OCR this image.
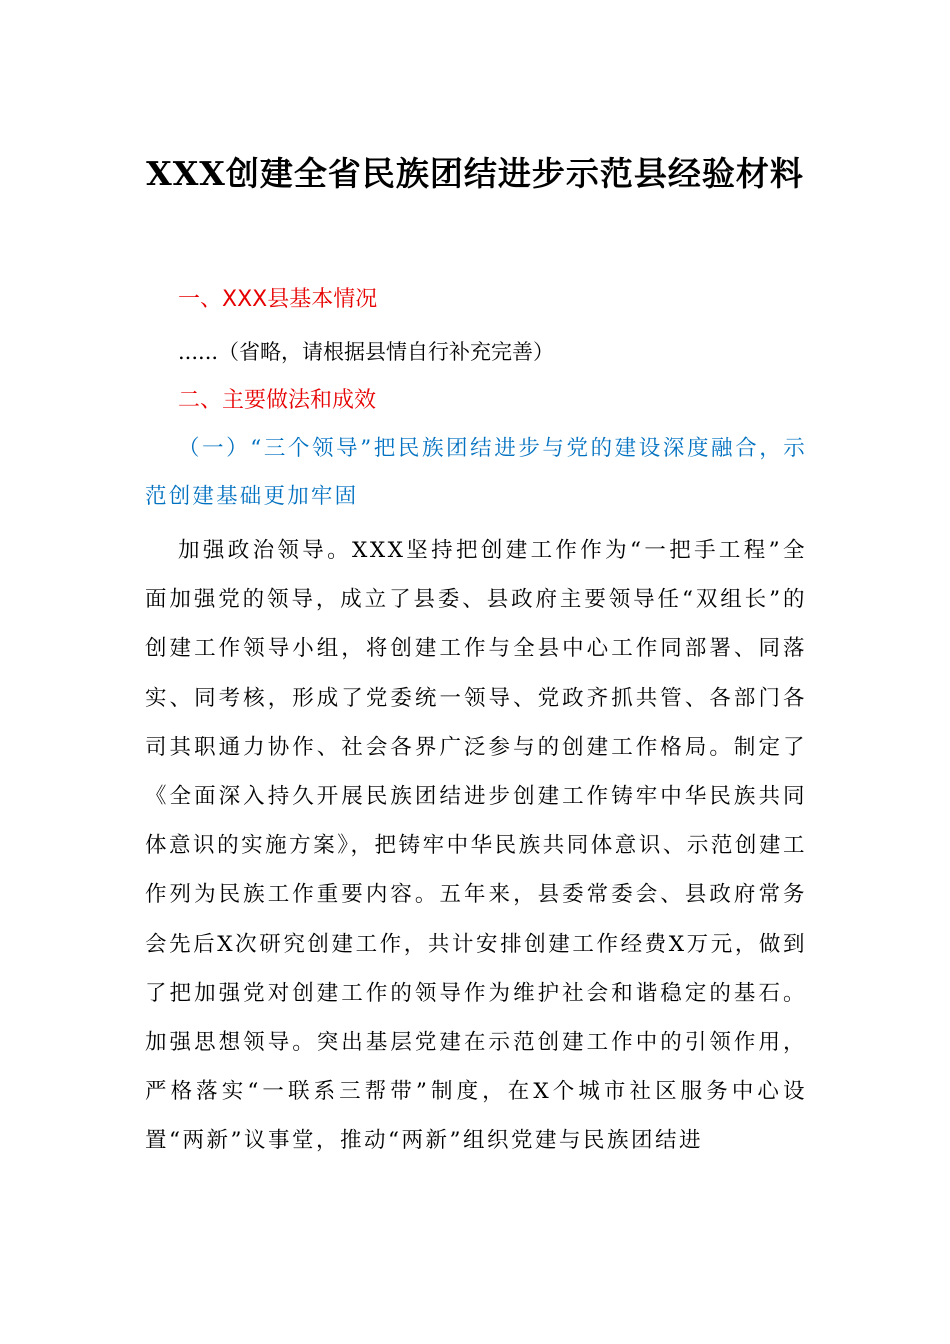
XXX创建全省民族团结进步示范县经验材料
一、XXX县基本情况
......（省略，请根据县情自行补充完善）
二、主要做法和成效
（一）“三个领导”把民族团结进步与党的建设深度融合，示范创建基础更加牢固
加强政治领导。XXX坚持把创建工作作为“一把手工程”全面加强党的领导，成立了县委、县政府主要领导任“双组长”的创建工作领导小组，将创建工作与全县中心工作同部署、同落实、同考核，形成了党委统一领导、党政齐抓共管、各部门各司其职通力协作、社会各界广泛参与的创建工作格局。制定了《全面深入持久开展民族团结进步创建工作铸牢中华民族共同体意识的实施方案》，把铸牢中华民族共同体意识、示范创建工作列为民族工作重要内容。五年来，县委常委会、县政府常务会先后X次研究创建工作，共计安排创建工作经费X万元，做到了把加强党对创建工作的领导作为维护社会和谐稳定的基石。加强思想领导。突出基层党建在示范创建工作中的引领作用，严格落实“一联系三帮带”制度，在X个城市社区服务中心设置“两新”议事堂，推动“两新”组织党建与民族团结进
